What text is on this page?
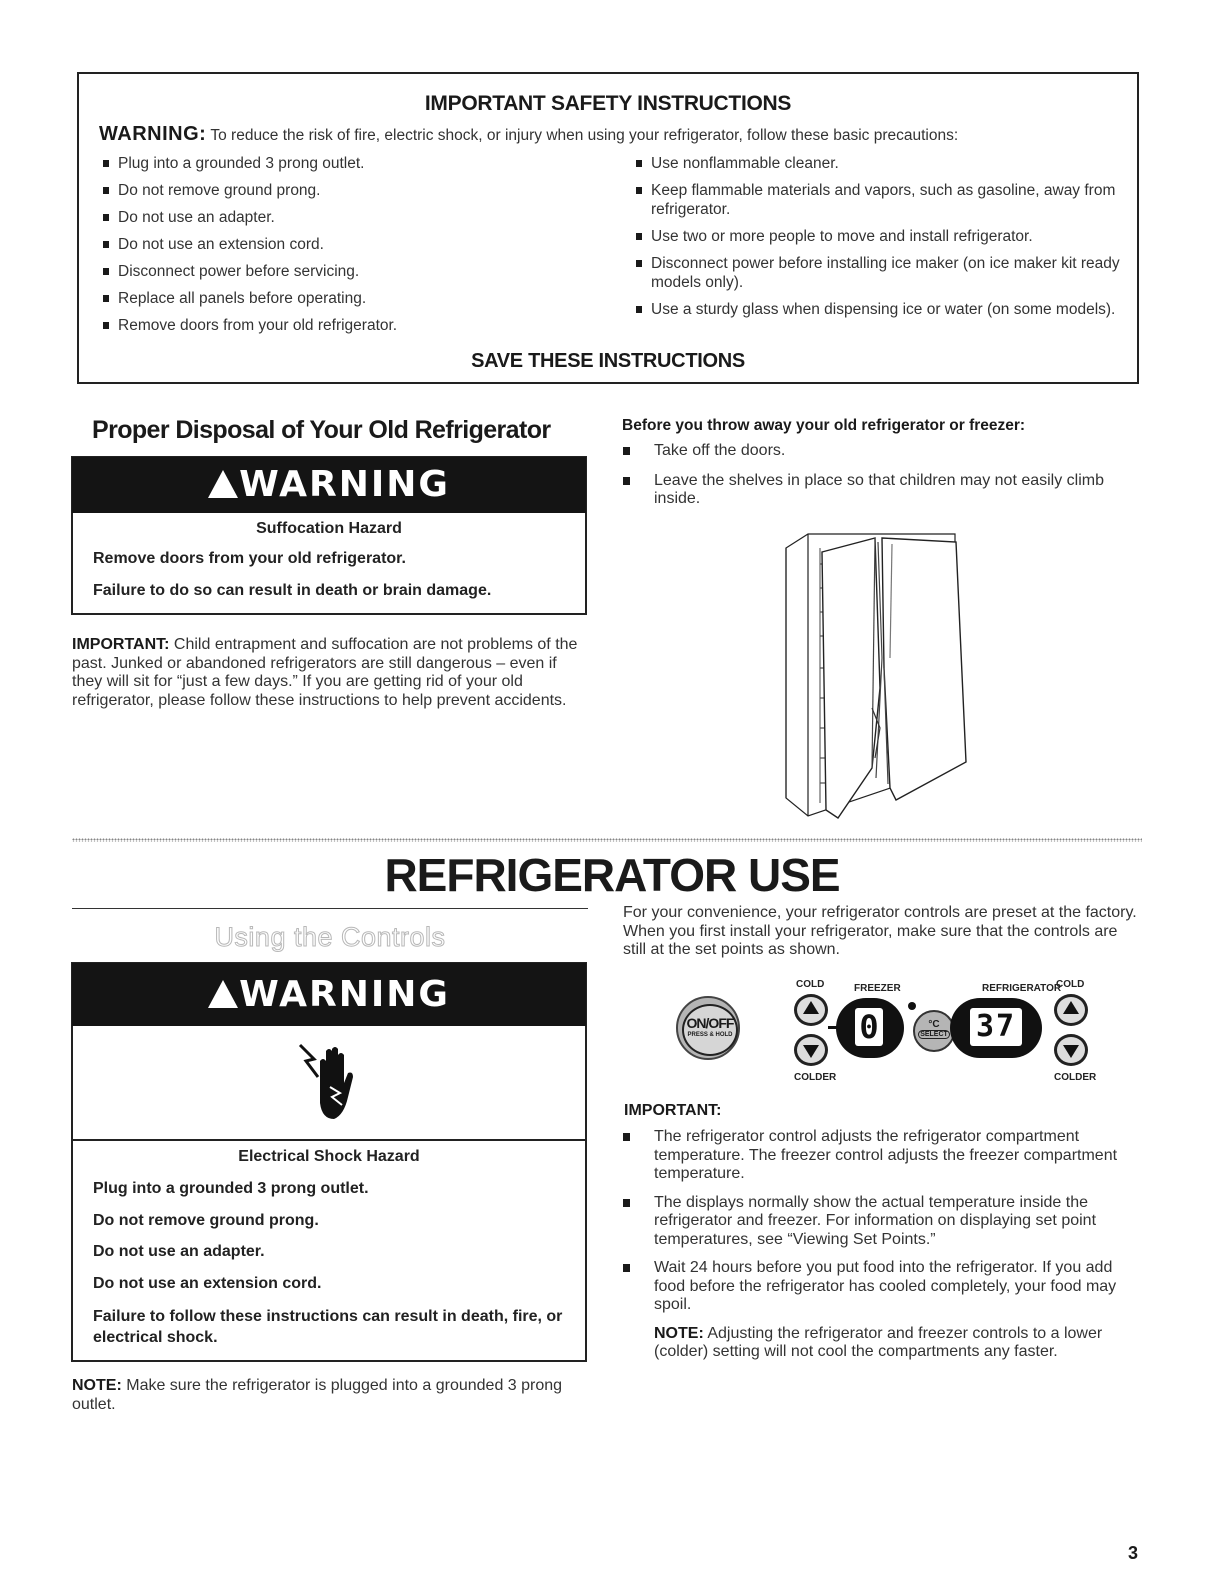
IMPORTANT SAFETY INSTRUCTIONS
WARNING: To reduce the risk of fire, electric shock, or injury when using your refrigerator, follow these basic precautions:
Plug into a grounded 3 prong outlet.
Do not remove ground prong.
Do not use an adapter.
Do not use an extension cord.
Disconnect power before servicing.
Replace all panels before operating.
Remove doors from your old refrigerator.
Use nonflammable cleaner.
Keep flammable materials and vapors, such as gasoline, away from refrigerator.
Use two or more people to move and install refrigerator.
Disconnect power before installing ice maker (on ice maker kit ready models only).
Use a sturdy glass when dispensing ice or water (on some models).
SAVE THESE INSTRUCTIONS
Proper Disposal of Your Old Refrigerator
WARNING
Suffocation Hazard
Remove doors from your old refrigerator.
Failure to do so can result in death or brain damage.
IMPORTANT: Child entrapment and suffocation are not problems of the past. Junked or abandoned refrigerators are still dangerous – even if they will sit for “just a few days.” If you are getting rid of your old refrigerator, please follow these instructions to help prevent accidents.
Before you throw away your old refrigerator or freezer:
Take off the doors.
Leave the shelves in place so that children may not easily climb inside.
REFRIGERATOR USE
Using the Controls
WARNING
Electrical Shock Hazard
Plug into a grounded 3 prong outlet.
Do not remove ground prong.
Do not use an adapter.
Do not use an extension cord.
Failure to follow these instructions can result in death, fire, or electrical shock.
NOTE: Make sure the refrigerator is plugged into a grounded 3 prong outlet.
For your convenience, your refrigerator controls are preset at the factory. When you first install your refrigerator, make sure that the controls are still at the set points as shown.
COLD	FREEZER	REFRIGERATOR
COLD
COLDER	COLDER
ON/OFF
PRESS & HOLD	0	°C
SELECT 37
IMPORTANT:
The refrigerator control adjusts the refrigerator compartment temperature. The freezer control adjusts the freezer compartment temperature.
The displays normally show the actual temperature inside the refrigerator and freezer. For information on displaying set point temperatures, see “Viewing Set Points.”
Wait 24 hours before you put food into the refrigerator. If you add food before the refrigerator has cooled completely, your food may spoil.
NOTE: Adjusting the refrigerator and freezer controls to a lower (colder) setting will not cool the compartments any faster.
3
